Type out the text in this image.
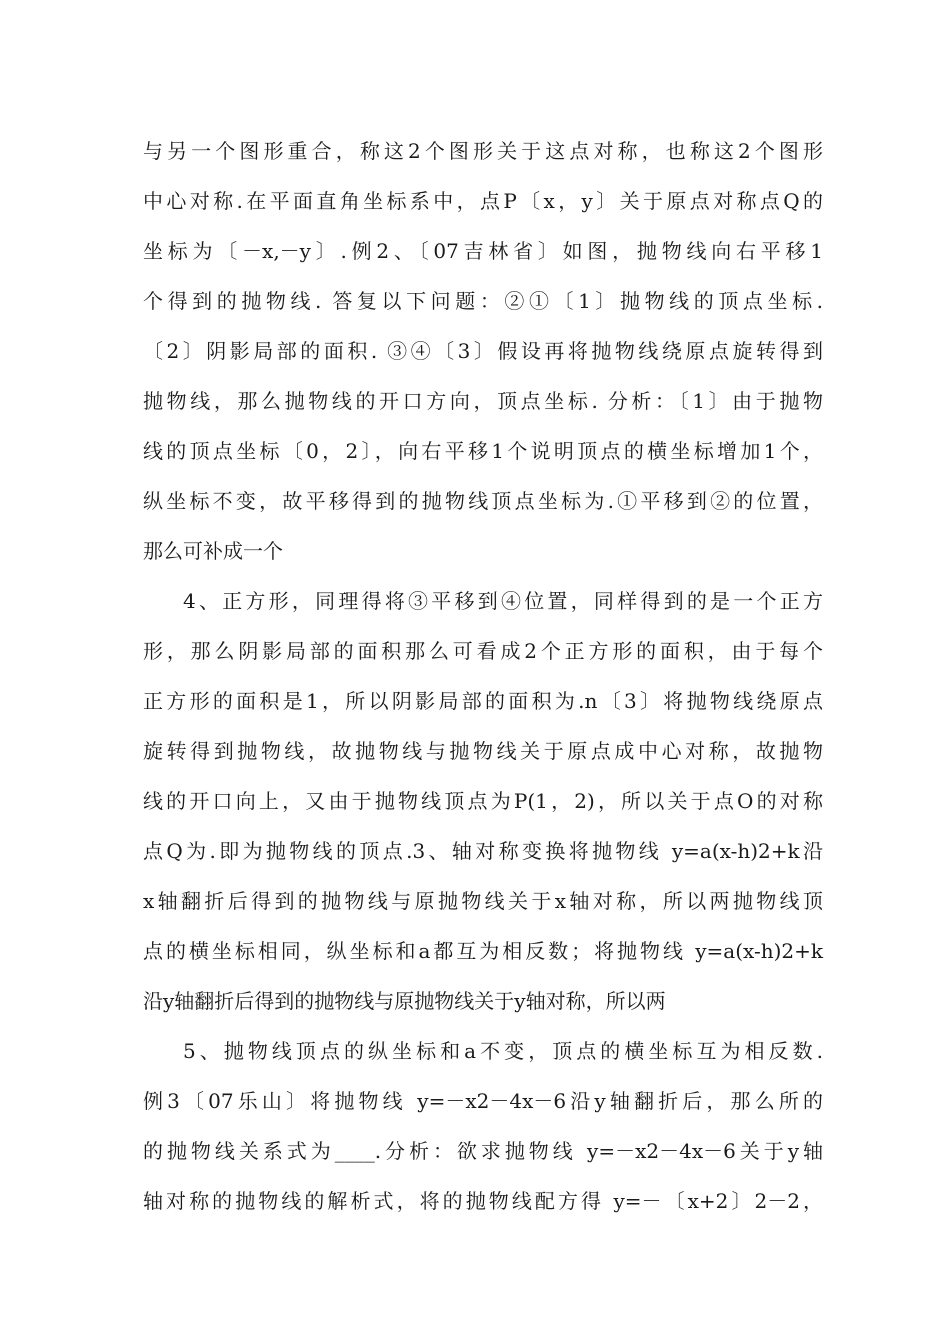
与另一个图形重合，称这2个图形关于这点对称，也称这2个图形
中心对称.在平面直角坐标系中，点P〔x，y〕关于原点对称点Q的
坐标为〔－x,－y〕.例2、〔07吉林省〕如图，抛物线向右平移1
个得到的抛物线. 答复以下问题：②①〔1〕抛物线的顶点坐标.
〔2〕阴影局部的面积. ③④〔3〕假设再将抛物线绕原点旋转得到
抛物线，那么抛物线的开口方向，顶点坐标. 分析：〔1〕由于抛物
线的顶点坐标〔0，2〕，向右平移1个说明顶点的横坐标增加1个，
纵坐标不变，故平移得到的抛物线顶点坐标为.①平移到②的位置，
那么可补成一个
4、正方形，同理得将③平移到④位置，同样得到的是一个正方
形，那么阴影局部的面积那么可看成2个正方形的面积，由于每个
正方形的面积是1，所以阴影局部的面积为.n〔3〕将抛物线绕原点
旋转得到抛物线，故抛物线与抛物线关于原点成中心对称，故抛物
线的开口向上，又由于抛物线顶点为P(1，2)，所以关于点O的对称
点Q为.即为抛物线的顶点.3、轴对称变换将抛物线 y=a(x-h)2+k沿
x轴翻折后得到的抛物线与原抛物线关于x轴对称，所以两抛物线顶
点的横坐标相同，纵坐标和a都互为相反数；将抛物线 y=a(x-h)2+k
沿y轴翻折后得到的抛物线与原抛物线关于y轴对称，所以两
5、抛物线顶点的纵坐标和a不变，顶点的横坐标互为相反数.
例3〔07乐山〕将抛物线 y=－x2－4x－6沿y轴翻折后，那么所的
的抛物线关系式为____.分析：欲求抛物线 y=－x2－4x－6关于y轴
轴对称的抛物线的解析式，将的抛物线配方得 y=－〔x+2〕2－2，
